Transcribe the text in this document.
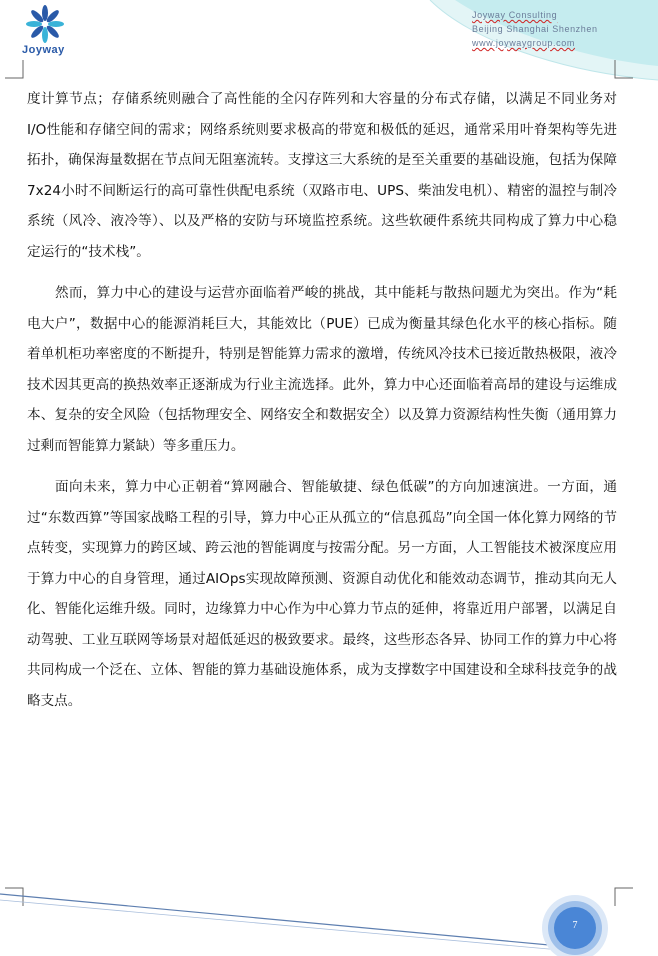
Joyway
Joyway Consulting
Beijing Shanghai Shenzhen
www.joywaygroup.com

度计算节点；存储系统则融合了高性能的全闪存阵列和大容量的分布式存储，以满足不同业务对I/O性能和存储空间的需求；网络系统则要求极高的带宽和极低的延迟，通常采用叶脊架构等先进拓扑，确保海量数据在节点间无阻塞流转。支撑这三大系统的是至关重要的基础设施，包括为保障7x24小时不间断运行的高可靠性供配电系统（双路市电、UPS、柴油发电机）、精密的温控与制冷系统（风冷、液冷等）、以及严格的安防与环境监控系统。这些软硬件系统共同构成了算力中心稳定运行的“技术栈”。

然而，算力中心的建设与运营亦面临着严峻的挑战，其中能耗与散热问题尤为突出。作为“耗电大户”，数据中心的能源消耗巨大，其能效比（PUE）已成为衡量其绿色化水平的核心指标。随着单机柜功率密度的不断提升，特别是智能算力需求的激增，传统风冷技术已接近散热极限，液冷技术因其更高的换热效率正逐渐成为行业主流选择。此外，算力中心还面临着高昂的建设与运维成本、复杂的安全风险（包括物理安全、网络安全和数据安全）以及算力资源结构性失衡（通用算力过剩而智能算力紧缺）等多重压力。

面向未来，算力中心正朝着“算网融合、智能敏捷、绿色低碳”的方向加速演进。一方面，通过“东数西算”等国家战略工程的引导，算力中心正从孤立的“信息孤岛”向全国一体化算力网络的节点转变，实现算力的跨区域、跨云池的智能调度与按需分配。另一方面，人工智能技术被深度应用于算力中心的自身管理，通过AIOps实现故障预测、资源自动优化和能效动态调节，推动其向无人化、智能化运维升级。同时，边缘算力中心作为中心算力节点的延伸，将靠近用户部署，以满足自动驾驶、工业互联网等场景对超低延迟的极致要求。最终，这些形态各异、协同工作的算力中心将共同构成一个泛在、立体、智能的算力基础设施体系，成为支撑数字中国建设和全球科技竞争的战略支点。

7
